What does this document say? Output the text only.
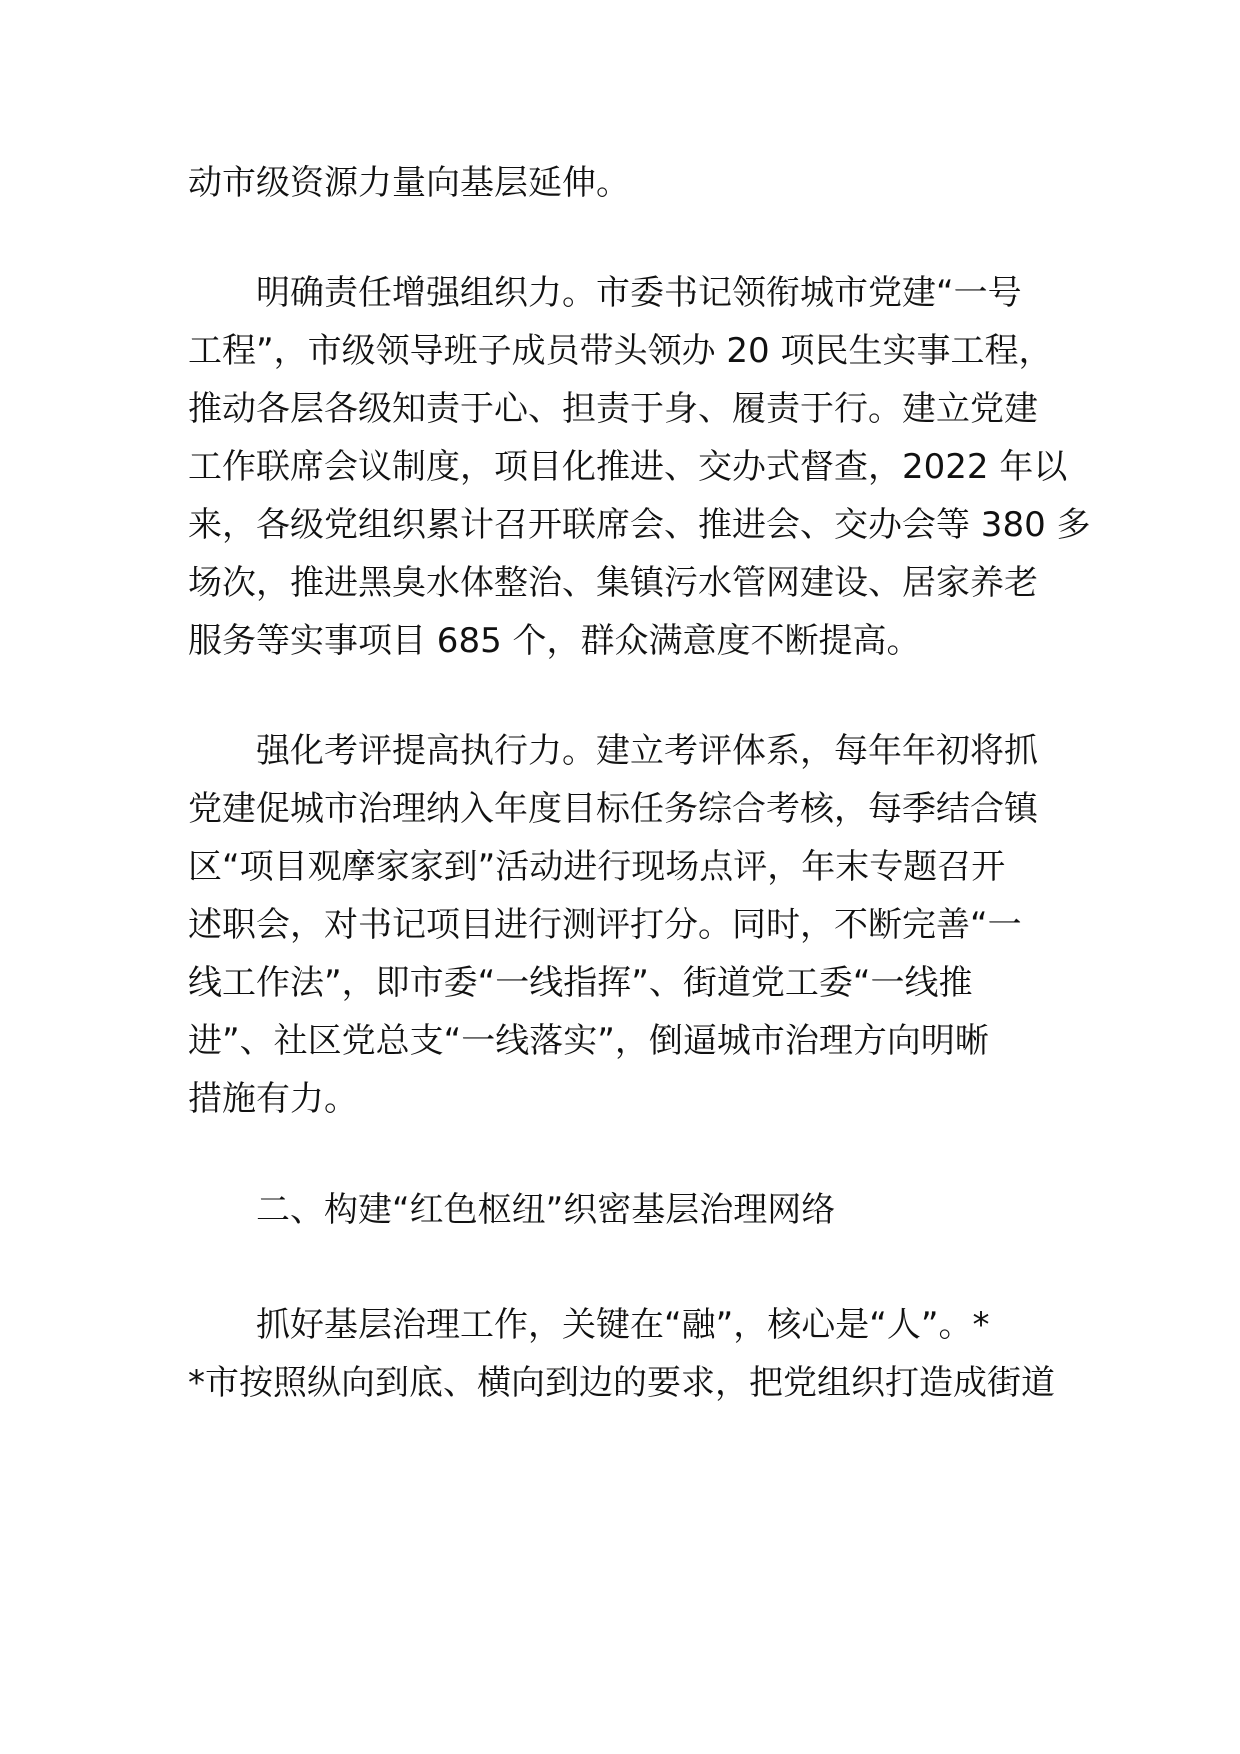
动市级资源力量向基层延伸。
明确责任增强组织力。市委书记领衔城市党建“一号
工程”，市级领导班子成员带头领办 20 项民生实事工程，
推动各层各级知责于心、担责于身、履责于行。建立党建
工作联席会议制度，项目化推进、交办式督查，2022 年以
来，各级党组织累计召开联席会、推进会、交办会等 380 多
场次，推进黑臭水体整治、集镇污水管网建设、居家养老
服务等实事项目 685 个，群众满意度不断提高。
强化考评提高执行力。建立考评体系，每年年初将抓
党建促城市治理纳入年度目标任务综合考核，每季结合镇
区“项目观摩家家到”活动进行现场点评，年末专题召开
述职会，对书记项目进行测评打分。同时，不断完善“一
线工作法”，即市委“一线指挥”、街道党工委“一线推
进”、社区党总支“一线落实”，倒逼城市治理方向明晰
措施有力。
二、构建“红色枢纽”织密基层治理网络
抓好基层治理工作，关键在“融”，核心是“人”。*
*市按照纵向到底、横向到边的要求，把党组织打造成街道
